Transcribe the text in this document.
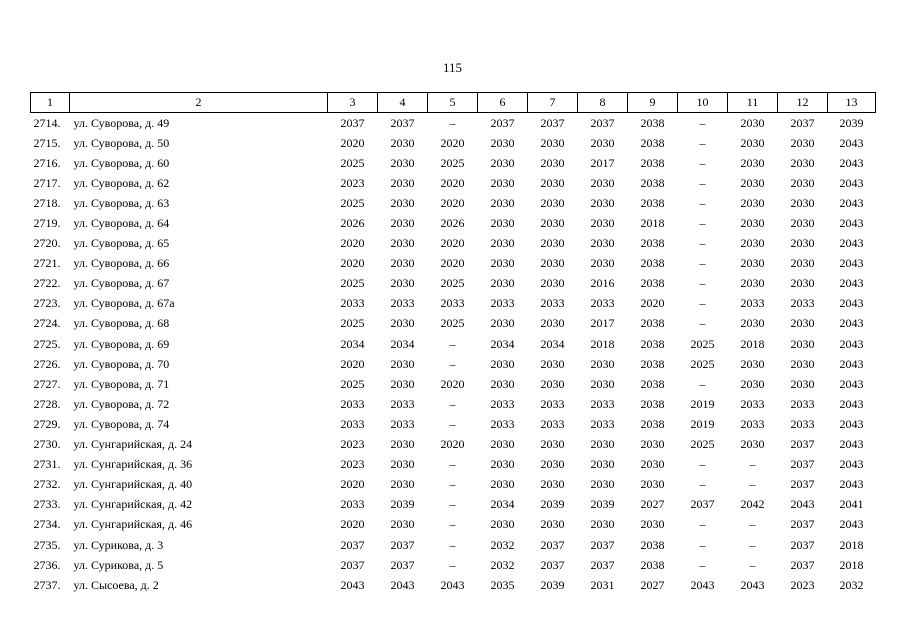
115
1	2	3	4	5	6	7	8	9	10	11	12	13
2714.	ул. Суворова, д. 49	2037	2037	–	2037	2037	2037	2038	–	2030	2037	2039
2715.	ул. Суворова, д. 50	2020	2030	2020	2030	2030	2030	2038	–	2030	2030	2043
2716.	ул. Суворова, д. 60	2025	2030	2025	2030	2030	2017	2038	–	2030	2030	2043
2717.	ул. Суворова, д. 62	2023	2030	2020	2030	2030	2030	2038	–	2030	2030	2043
2718.	ул. Суворова, д. 63	2025	2030	2020	2030	2030	2030	2038	–	2030	2030	2043
2719.	ул. Суворова, д. 64	2026	2030	2026	2030	2030	2030	2018	–	2030	2030	2043
2720.	ул. Суворова, д. 65	2020	2030	2020	2030	2030	2030	2038	–	2030	2030	2043
2721.	ул. Суворова, д. 66	2020	2030	2020	2030	2030	2030	2038	–	2030	2030	2043
2722.	ул. Суворова, д. 67	2025	2030	2025	2030	2030	2016	2038	–	2030	2030	2043
2723.	ул. Суворова, д. 67а	2033	2033	2033	2033	2033	2033	2020	–	2033	2033	2043
2724.	ул. Суворова, д. 68	2025	2030	2025	2030	2030	2017	2038	–	2030	2030	2043
2725.	ул. Суворова, д. 69	2034	2034	–	2034	2034	2018	2038	2025	2018	2030	2043
2726.	ул. Суворова, д. 70	2020	2030	–	2030	2030	2030	2038	2025	2030	2030	2043
2727.	ул. Суворова, д. 71	2025	2030	2020	2030	2030	2030	2038	–	2030	2030	2043
2728.	ул. Суворова, д. 72	2033	2033	–	2033	2033	2033	2038	2019	2033	2033	2043
2729.	ул. Суворова, д. 74	2033	2033	–	2033	2033	2033	2038	2019	2033	2033	2043
2730.	ул. Сунгарийская, д. 24	2023	2030	2020	2030	2030	2030	2030	2025	2030	2037	2043
2731.	ул. Сунгарийская, д. 36	2023	2030	–	2030	2030	2030	2030	–	–	2037	2043
2732.	ул. Сунгарийская, д. 40	2020	2030	–	2030	2030	2030	2030	–	–	2037	2043
2733.	ул. Сунгарийская, д. 42	2033	2039	–	2034	2039	2039	2027	2037	2042	2043	2041
2734.	ул. Сунгарийская, д. 46	2020	2030	–	2030	2030	2030	2030	–	–	2037	2043
2735.	ул. Сурикова, д. 3	2037	2037	–	2032	2037	2037	2038	–	–	2037	2018
2736.	ул. Сурикова, д. 5	2037	2037	–	2032	2037	2037	2038	–	–	2037	2018
2737.	ул. Сысоева, д. 2	2043	2043	2043	2035	2039	2031	2027	2043	2043	2023	2032
